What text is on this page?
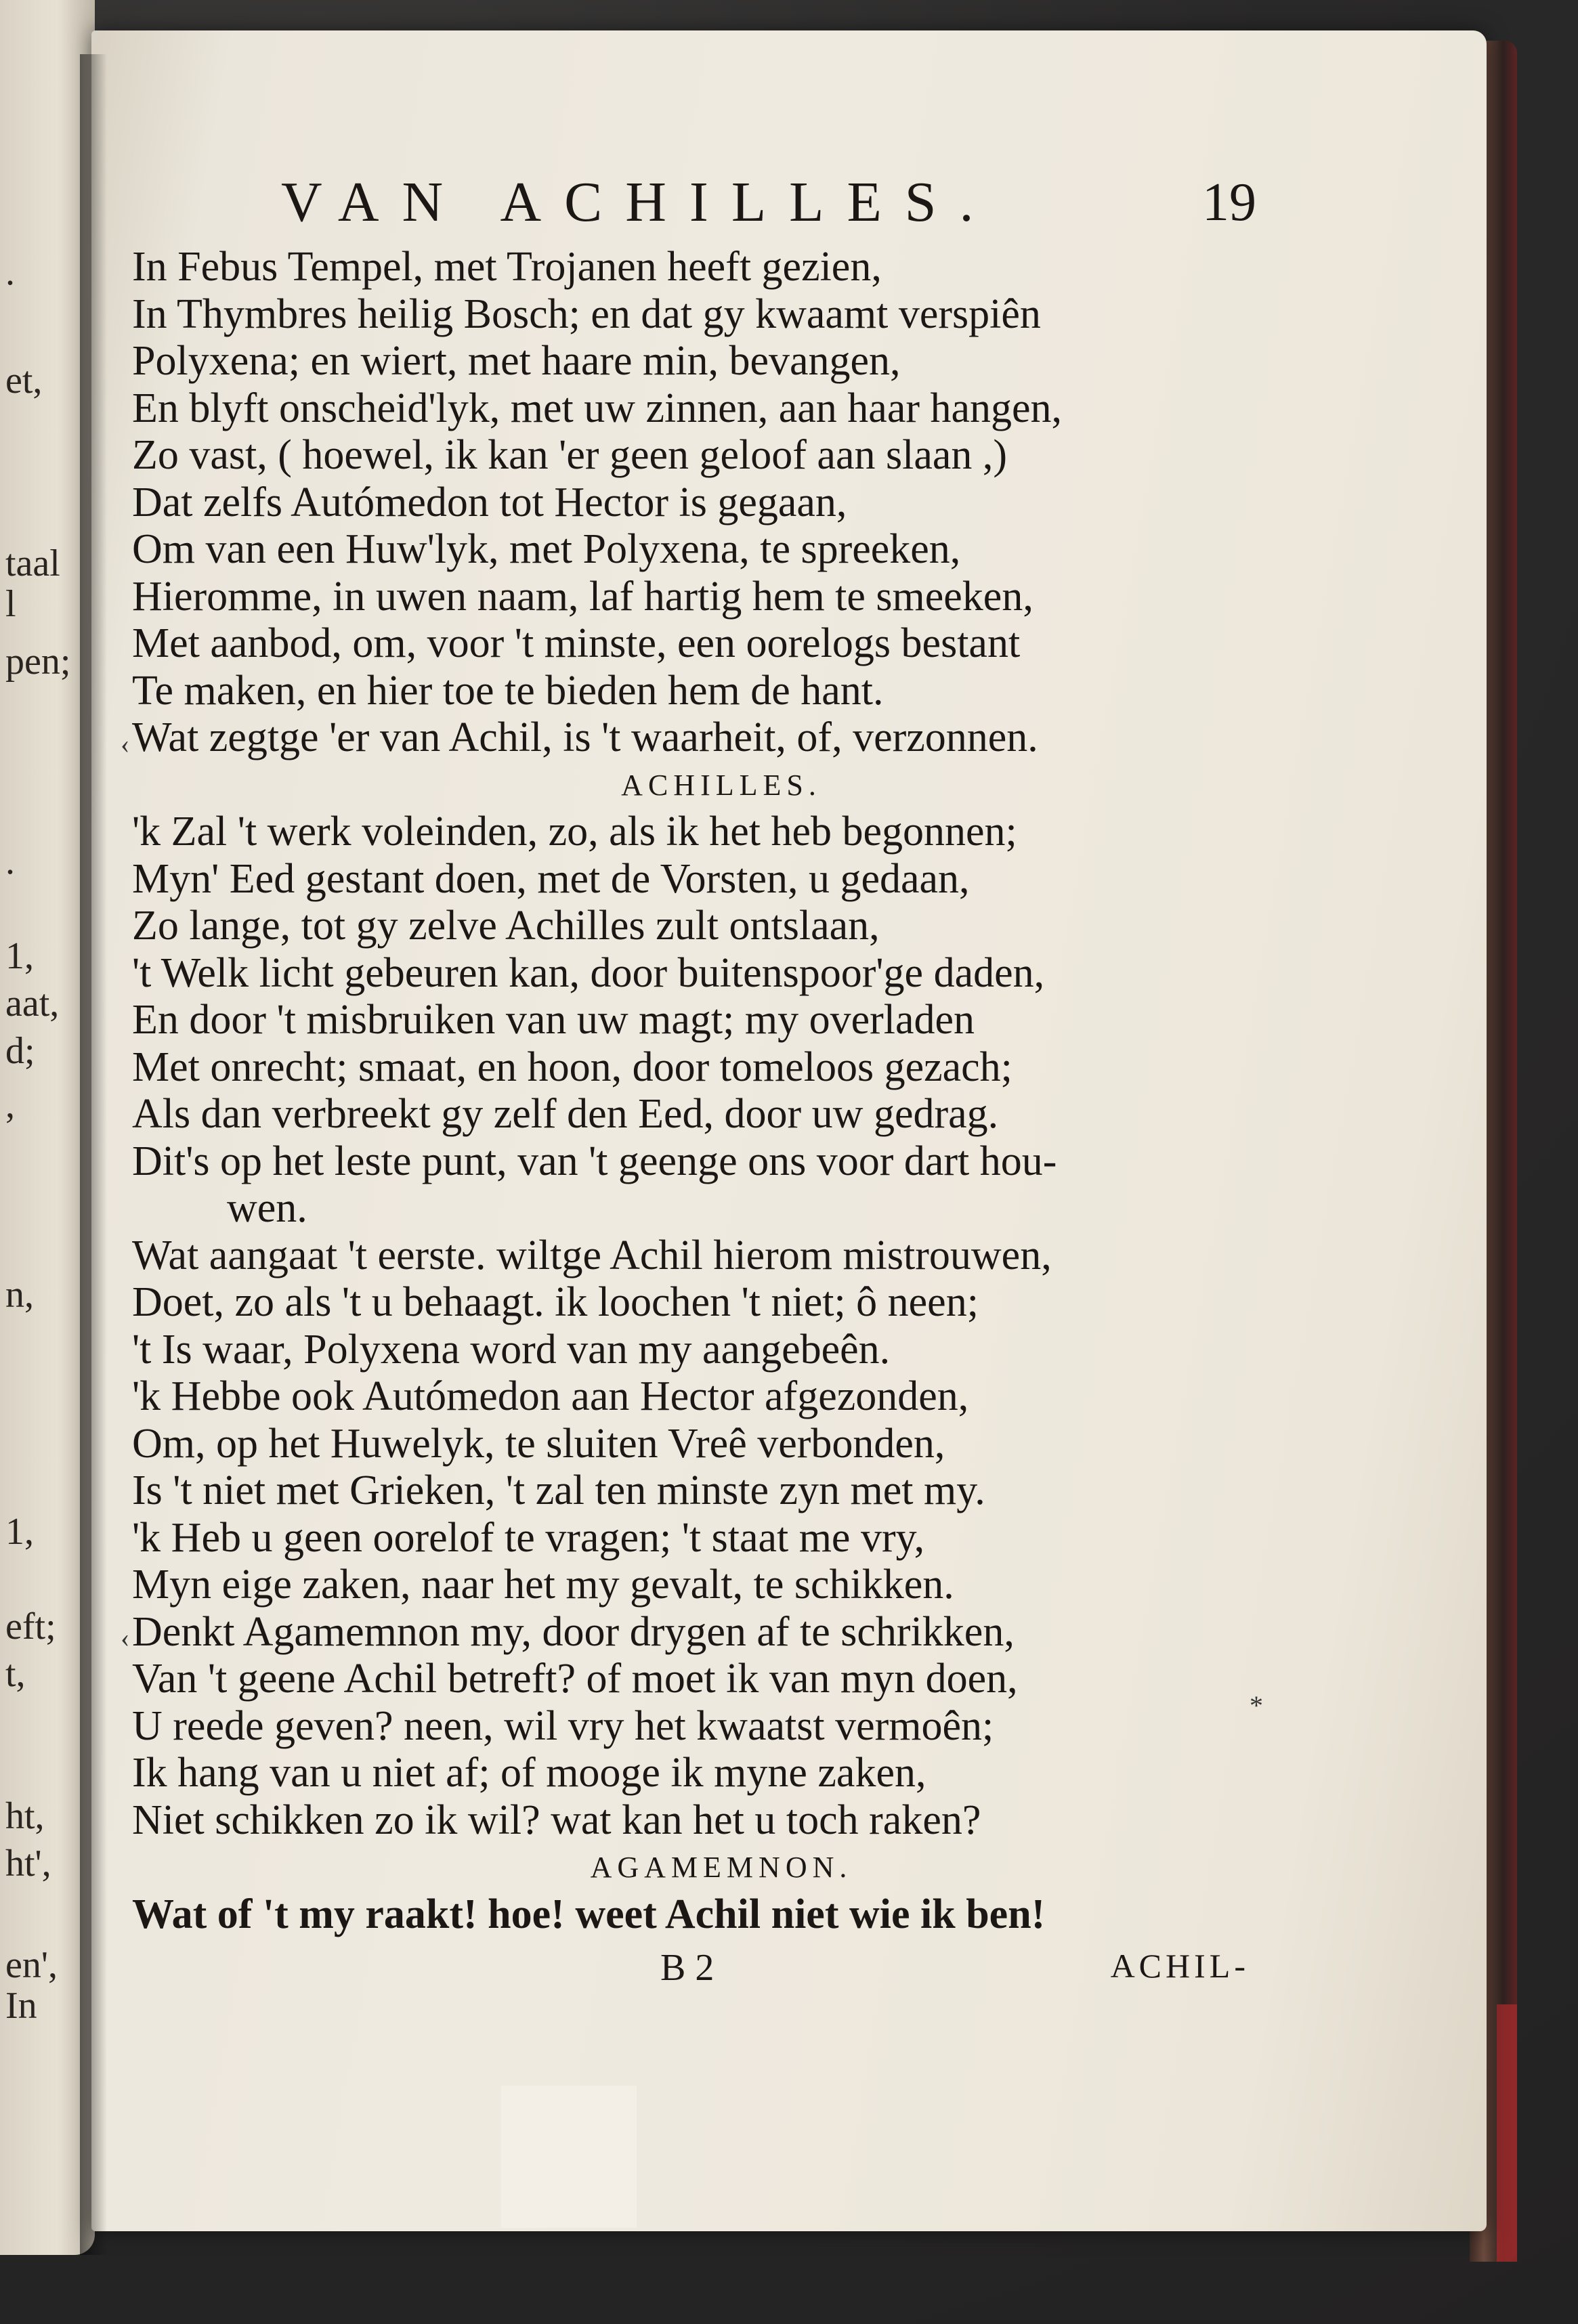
.
et,
taal
l
pen;
.
1,
aat,
d;
,
n,
1,
eft;
t,
ht,
ht',
en',
In
‹
‹
*
VAN ACHILLES.	19
In Febus Tempel, met Trojanen heeft gezien,
In Thymbres heilig Bosch; en dat gy kwaamt verspiên
Polyxena; en wiert, met haare min, bevangen,
En blyft onscheid'lyk, met uw zinnen, aan haar hangen,
Zo vast, ( hoewel, ik kan 'er geen geloof aan slaan ,)
Dat zelfs Autómedon tot Hector is gegaan,
Om van een Huw'lyk, met Polyxena, te spreeken,
Hieromme, in uwen naam, laf hartig hem te smeeken,
Met aanbod, om, voor 't minste, een oorelogs bestant
Te maken, en hier toe te bieden hem de hant.
Wat zegtge 'er van Achil, is 't waarheit, of, verzonnen.
ACHILLES.
'k Zal 't werk voleinden, zo, als ik het heb begonnen;
Myn' Eed gestant doen, met de Vorsten, u gedaan,
Zo lange, tot gy zelve Achilles zult ontslaan,
't Welk licht gebeuren kan, door buitenspoor'ge daden,
En door 't misbruiken van uw magt; my overladen
Met onrecht; smaat, en hoon, door tomeloos gezach;
Als dan verbreekt gy zelf den Eed, door uw gedrag.
Dit's op het leste punt, van 't geenge ons voor dart hou-
wen.
Wat aangaat 't eerste. wiltge Achil hierom mistrouwen,
Doet, zo als 't u behaagt. ik loochen 't niet; ô neen;
't Is waar, Polyxena word van my aangebeên.
'k Hebbe ook Autómedon aan Hector afgezonden,
Om, op het Huwelyk, te sluiten Vreê verbonden,
Is 't niet met Grieken, 't zal ten minste zyn met my.
'k Heb u geen oorelof te vragen; 't staat me vry,
Myn eige zaken, naar het my gevalt, te schikken.
Denkt Agamemnon my, door drygen af te schrikken,
Van 't geene Achil betreft? of moet ik van myn doen,
U reede geven? neen, wil vry het kwaatst vermoên;
Ik hang van u niet af; of mooge ik myne zaken,
Niet schikken zo ik wil? wat kan het u toch raken?
AGAMEMNON.
Wat of 't my raakt! hoe! weet Achil niet wie ik ben!
B 2	ACHIL-
